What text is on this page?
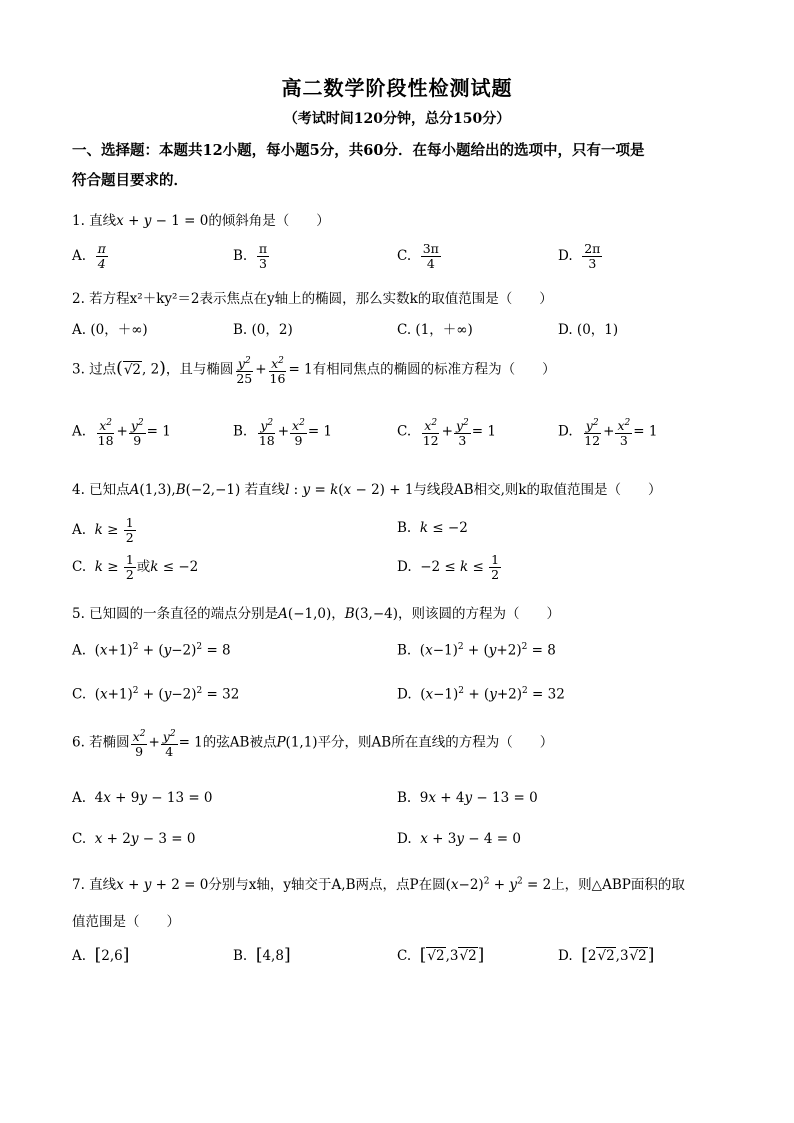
高二数学阶段性检测试题
（考试时间120分钟，总分150分）
一、选择题：本题共12小题，每小题5分，共60分．在每小题给出的选项中，只有一项是
符合题目要求的．
1. 直线x + y − 1 = 0的倾斜角是（　　）
A. $\frac{\pi}{4}$	B. $\frac{\pi}{3}$	C. $\frac{3\pi}{4}$	D. $\frac{2\pi}{3}$
2. 若方程x²＋ky²＝2表示焦点在y轴上的椭圆，那么实数k的取值范围是（　　）
A. (0，＋∞)	B. (0，2)	C. (1，＋∞)	D. (0，1)
3. 过点(√2, 2)，且与椭圆 $\frac{y^2}{25} + \frac{x^2}{16} = 1$有相同焦点的椭圆的标准方程为（　　）
A. $\frac{x^2}{18} + \frac{y^2}{9} = 1$	B. $\frac{y^2}{18} + \frac{x^2}{9} = 1$	C. $\frac{x^2}{12} + \frac{y^2}{3} = 1$	D. $\frac{y^2}{12} + \frac{x^2}{3} = 1$
4. 已知点A(1,3),B(−2,−1) 若直线l : y = k(x − 2) + 1与线段AB相交,则k的取值范围是（　　）
A. $k \ge \frac{1}{2}$	B. k ≤ −2
C. $k \ge \frac{1}{2}$ 或k ≤ −2	D.  $-2 \le k \le \frac{1}{2}$
5. 已知圆的一条直径的端点分别是A(−1,0)，B(3,−4)，则该圆的方程为（　　）
A.  $(x+1)^2 + (y-2)^2 = 8$	B.  $(x-1)^2 + (y+2)^2 = 8$
C.  $(x+1)^2 + (y-2)^2 = 32$	D.  $(x-1)^2 + (y+2)^2 = 32$
6. 若椭圆 $\frac{x^2}{9} + \frac{y^2}{4} = 1$的弦AB被点P(1,1)平分，则AB所在直线的方程为（　　）
A.  4x + 9y − 13 = 0	B.  9x + 4y − 13 = 0
C. x + 2y − 3 = 0	D. x + 3y − 4 = 0
7. 直线x + y + 2 = 0分别与x轴，y轴交于A,B两点，点P在圆$(x-2)^2 + y^2 = 2$上，则△ABP面积的取
值范围是（　　）
A. [2,6]	B. [4,8]	C. [√2,3√2]	D. [2√2,3√2]
